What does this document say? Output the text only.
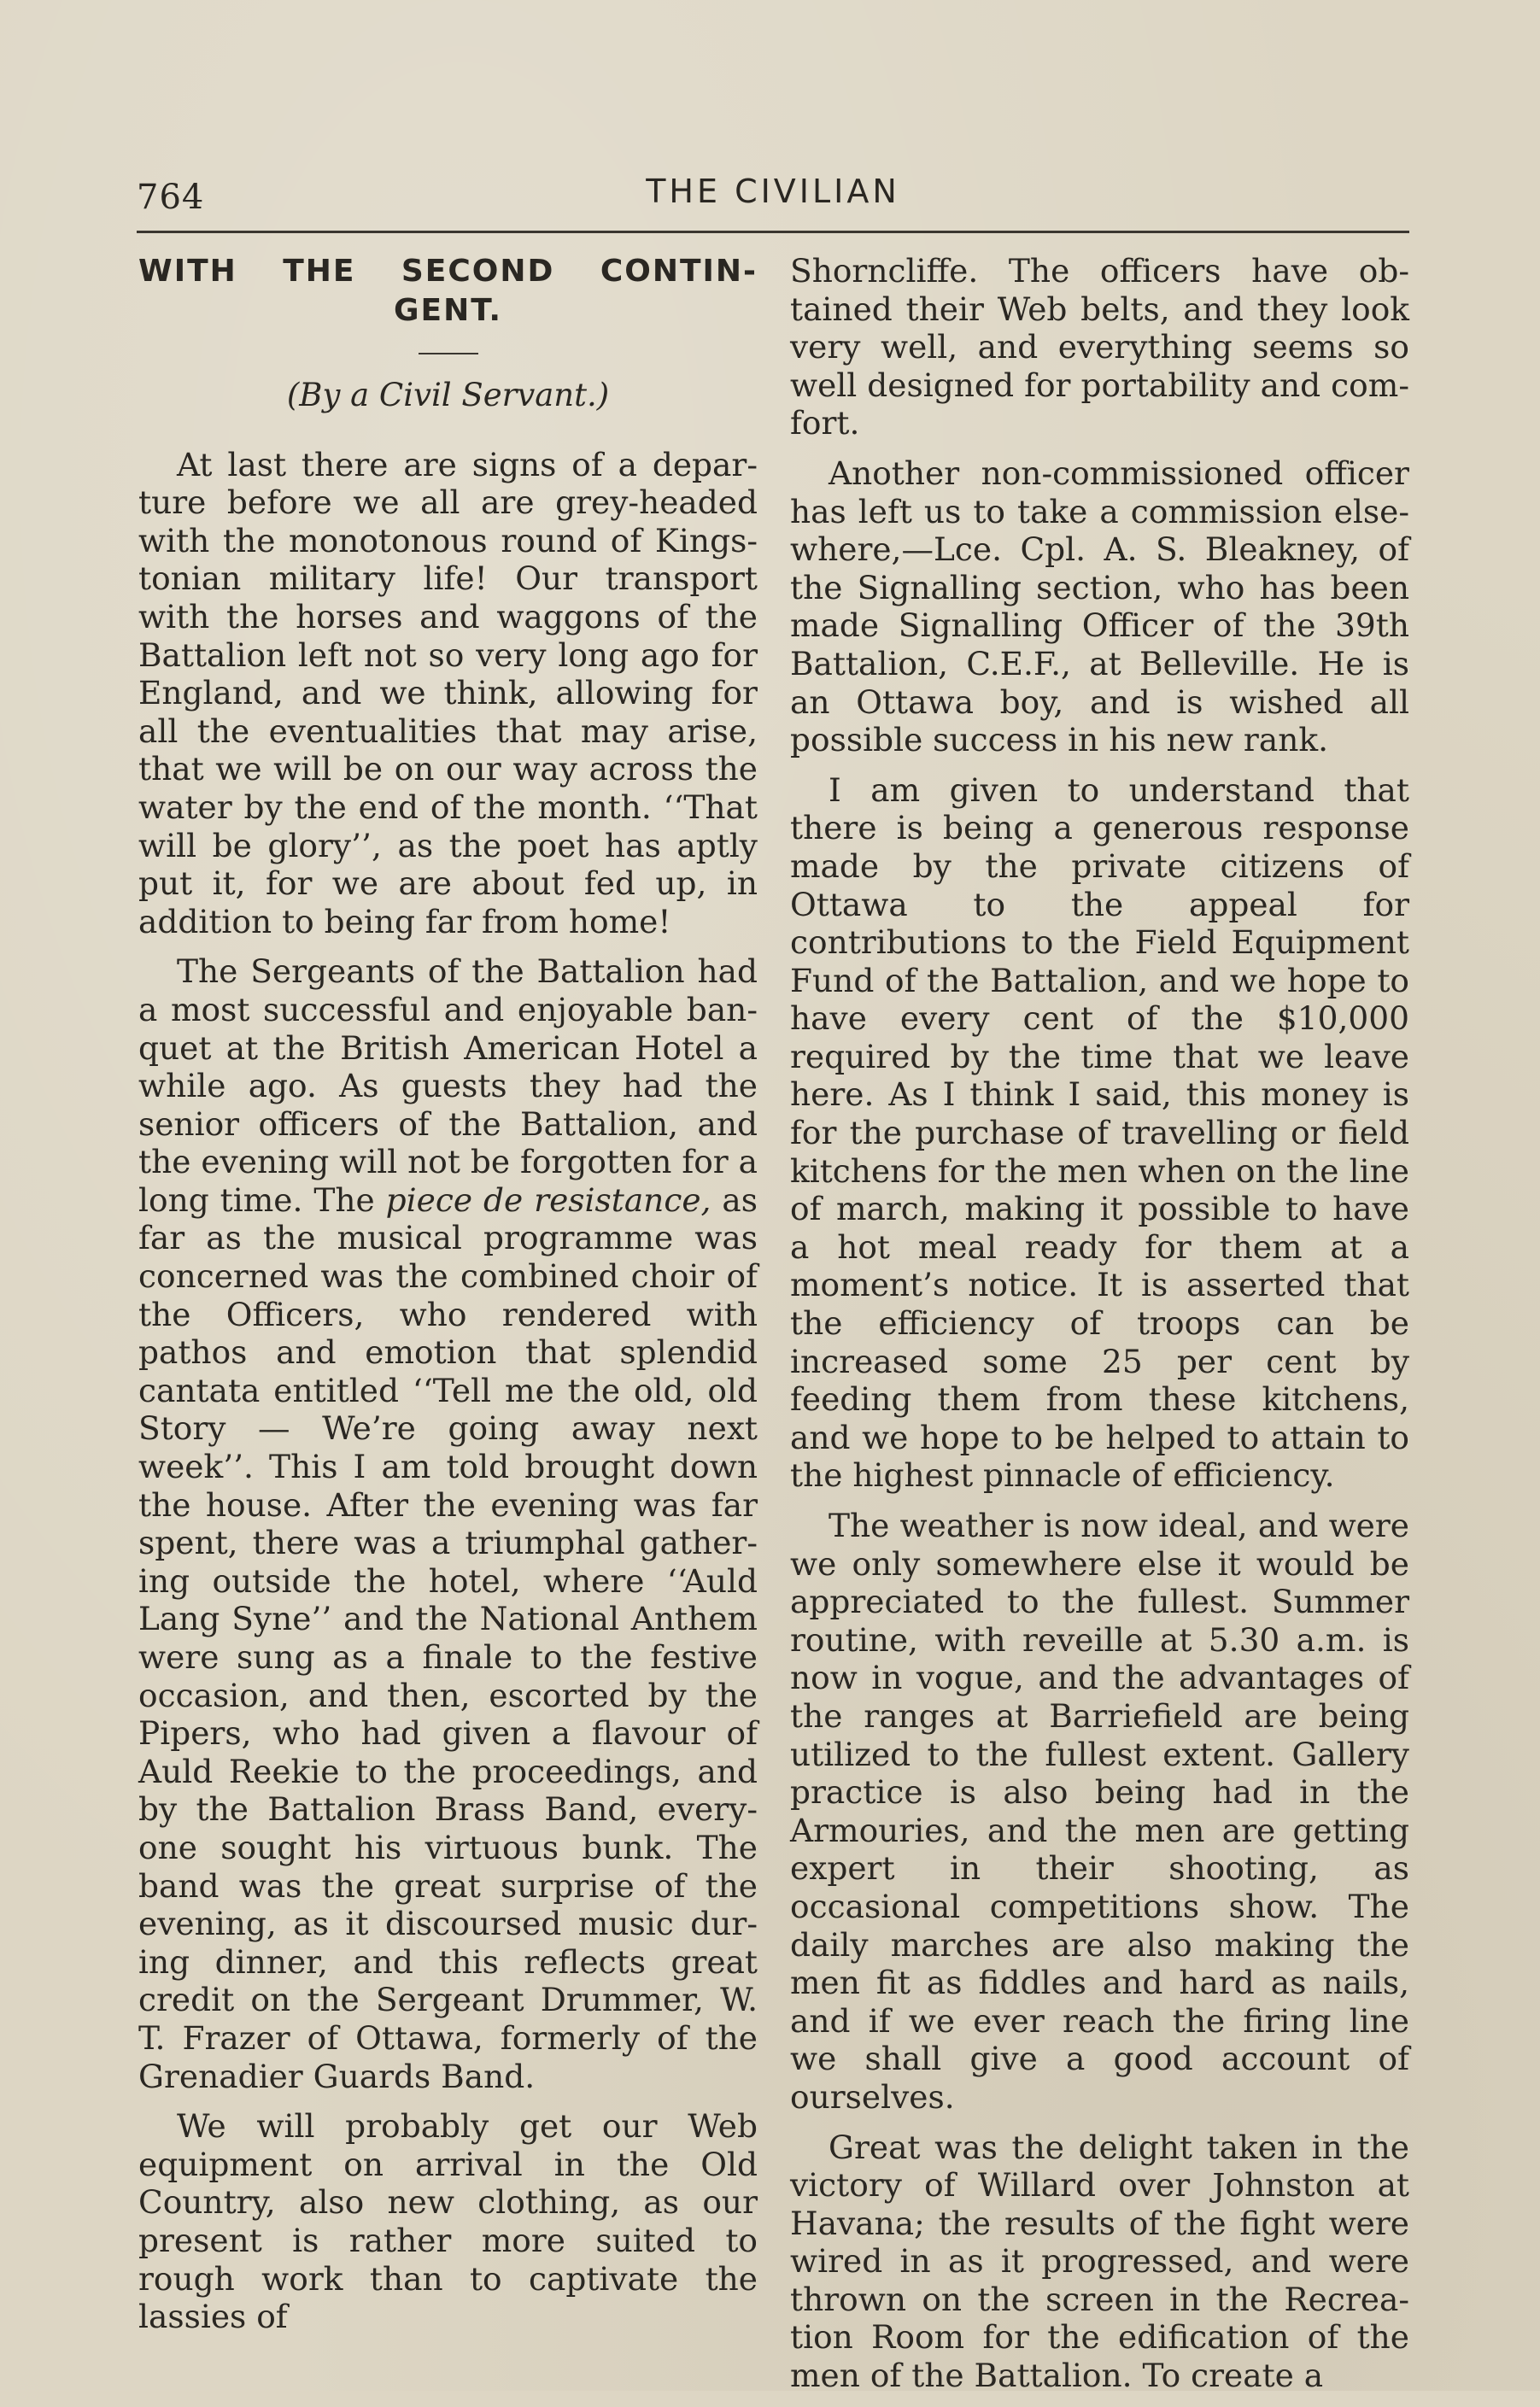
764	THE CIVILIAN
WITH THE SECOND CONTIN-
GENT.
(By a Civil Servant.)

At last there are signs of a departure before we all are grey-headed with the monotonous round of Kingstonian military life! Our transport with the horses and waggons of the Battalion left not so very long ago for England, and we think, allowing for all the eventualities that may arise, that we will be on our way across the water by the end of the month. ‘‘That will be glory’’, as the poet has aptly put it, for we are about fed up, in addition to being far from home!

The Sergeants of the Battalion had a most successful and enjoyable banquet at the British American Hotel a while ago. As guests they had the senior officers of the Battalion, and the evening will not be forgotten for a long time. The piece de resistance, as far as the musical programme was concerned was the combined choir of the Officers, who rendered with pathos and emotion that splendid cantata entitled ‘‘Tell me the old, old Story — We’re going away next week’’. This I am told brought down the house. After the evening was far spent, there was a triumphal gathering outside the hotel, where ‘‘Auld Lang Syne’’ and the National Anthem were sung as a finale to the festive occasion, and then, escorted by the Pipers, who had given a flavour of Auld Reekie to the proceedings, and by the Battalion Brass Band, everyone sought his virtuous bunk. The band was the great surprise of the evening, as it discoursed music during dinner, and this reflects great credit on the Sergeant Drummer, W. T. Frazer of Ottawa, formerly of the Grenadier Guards Band.

We will probably get our Web equipment on arrival in the Old Country, also new clothing, as our present is rather more suited to rough work than to captivate the lassies of

Shorncliffe. The officers have obtained their Web belts, and they look very well, and everything seems so well designed for portability and comfort.

Another non-commissioned officer has left us to take a commission elsewhere,—Lce. Cpl. A. S. Bleakney, of the Signalling section, who has been made Signalling Officer of the 39th Battalion, C.E.F., at Belleville. He is an Ottawa boy, and is wished all possible success in his new rank.

I am given to understand that there is being a generous response made by the private citizens of Ottawa to the appeal for contributions to the Field Equipment Fund of the Battalion, and we hope to have every cent of the $10,000 required by the time that we leave here. As I think I said, this money is for the purchase of travelling or field kitchens for the men when on the line of march, making it possible to have a hot meal ready for them at a moment’s notice. It is asserted that the efficiency of troops can be increased some 25 per cent by feeding them from these kitchens, and we hope to be helped to attain to the highest pinnacle of efficiency.

The weather is now ideal, and were we only somewhere else it would be appreciated to the fullest. Summer routine, with reveille at 5.30 a.m. is now in vogue, and the advantages of the ranges at Barriefield are being utilized to the fullest extent. Gallery practice is also being had in the Armouries, and the men are getting expert in their shooting, as occasional competitions show. The daily marches are also making the men fit as fiddles and hard as nails, and if we ever reach the firing line we shall give a good account of ourselves.

Great was the delight taken in the victory of Willard over Johnston at Havana; the results of the fight were wired in as it progressed, and were thrown on the screen in the Recreation Room for the edification of the men of the Battalion. To create a
